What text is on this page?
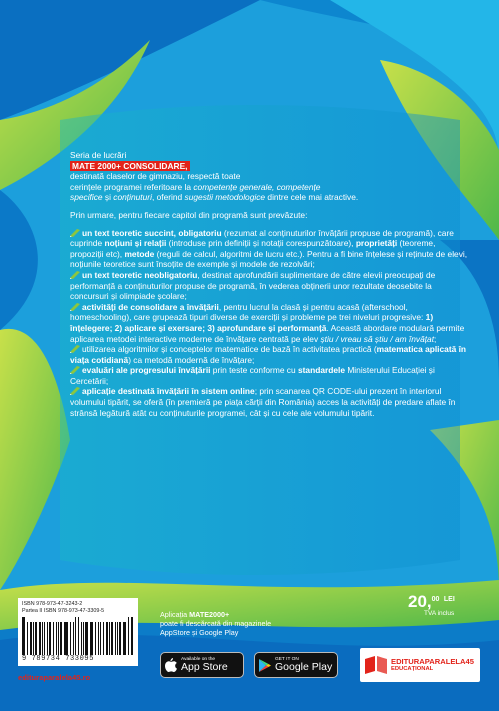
Seria de lucrări

MATE 2000+ CONSOLIDARE,

destinată claselor de gimnaziu, respectă toate

cerințele programei referitoare la competențe generale, competențe

specifice și conținuturi, oferind sugestii metodologice dintre cele mai atractive.

Prin urmare, pentru fiecare capitol din programă sunt prevăzute:

un text teoretic succint, obligatoriu (rezumat al conținuturilor învățării propuse de programă), care cuprinde noțiuni și relații (introduse prin definiții și notații corespunzătoare), proprietăți (teoreme, propoziții etc), metode (reguli de calcul, algoritmi de lucru etc.). Pentru a fi bine înțelese și reținute de elevi, noțiunile teoretice sunt însoțite de exemple și modele de rezolvări;
un text teoretic neobligatoriu, destinat aprofundării suplimentare de către elevii preocupați de performanță a conținuturilor propuse de programă, în vederea obținerii unor rezultate deosebite la concursuri și olimpiade școlare;
activități de consolidare a învățării, pentru lucrul la clasă și pentru acasă (afterschool, homeschooling), care grupează tipuri diverse de exerciții și probleme pe trei niveluri progresive: 1) înțelegere; 2) aplicare și exersare; 3) aprofundare și performanță. Această abordare modulară permite aplicarea metodei interactive moderne de învățare centrată pe elev știu / vreau să știu / am învățat;
utilizarea algoritmilor și conceptelor matematice de bază în activitatea practică (matematica aplicată în viața cotidiană) ca metodă modernă de învățare;
evaluări ale progresului învățării prin teste conforme cu standardele Ministerului Educației și Cercetării;
aplicație destinată învățării în sistem online; prin scanarea QR CODE-ului prezent în interiorul volumului tipărit, se oferă (în premieră pe piața cărții din România) acces la activități de predare aflate în strânsă legătură atât cu conținuturile programei, cât și cu cele ale volumului tipărit.
ISBN 978-973-47-3243-2
Partea II ISBN 978-973-47-3309-5
9 789734 733095
edituraparalela45.ro
Aplicația MATE2000+
poate fi descărcată din magazinele
AppStore și Google Play
Available on the
App Store
GET IT ON
Google Play
20,00 $^{LEI}$
TVA inclus
EDITURAPARALELA45
EDUCAȚIONAL
